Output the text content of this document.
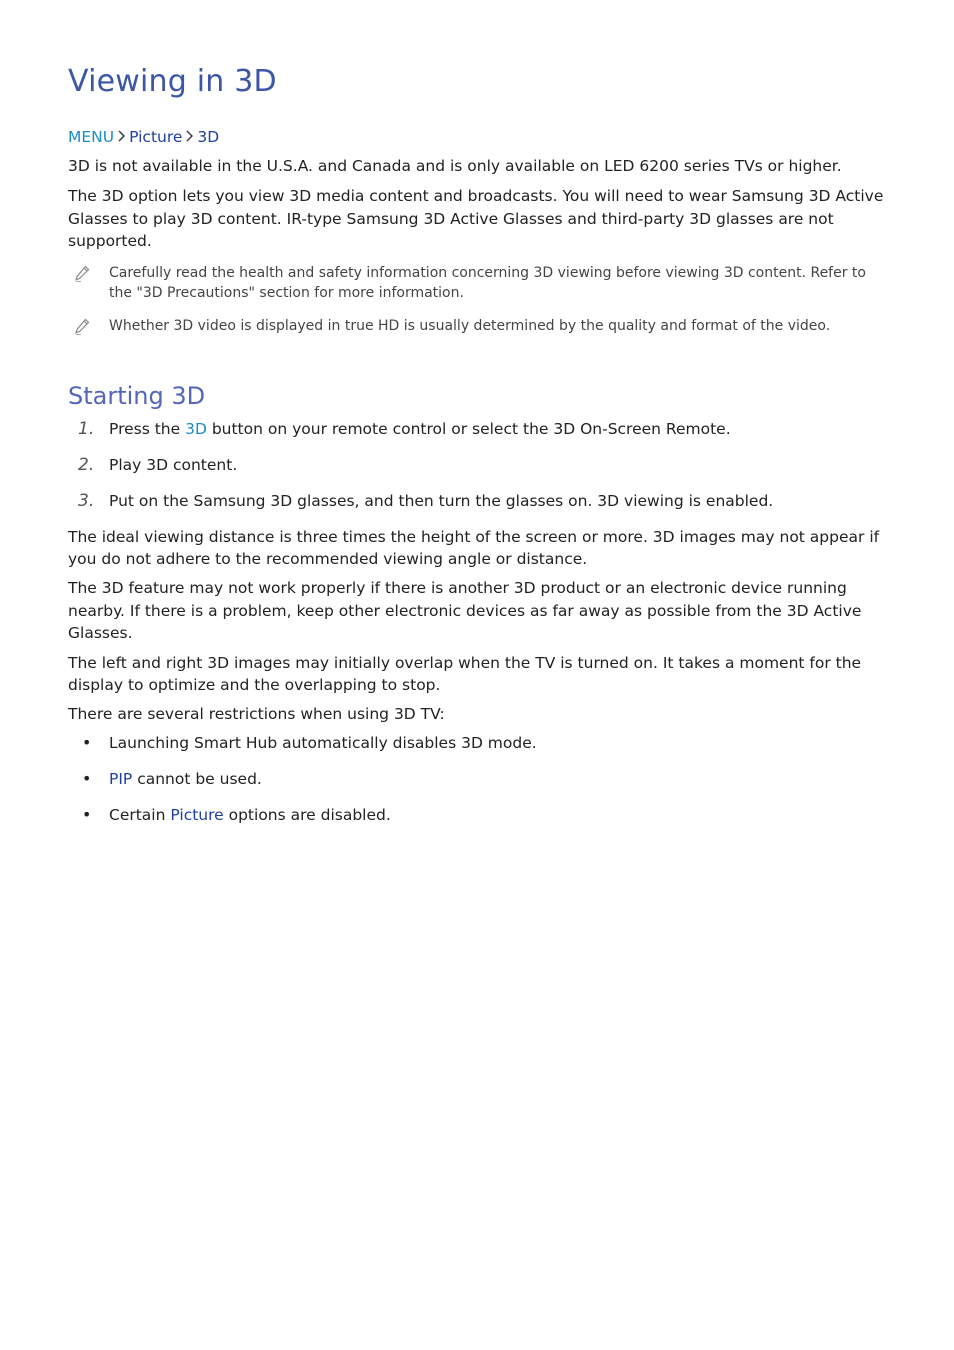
Viewing in 3D
MENU Picture 3D

3D is not available in the U.S.A. and Canada and is only available on LED 6200 series TVs or higher.

The 3D option lets you view 3D media content and broadcasts. You will need to wear Samsung 3D Active Glasses to play 3D content. IR-type Samsung 3D Active Glasses and third-party 3D glasses are not supported.

Carefully read the health and safety information concerning 3D viewing before viewing 3D content. Refer to the "3D Precautions" section for more information.
Whether 3D video is displayed in true HD is usually determined by the quality and format of the video.
Starting 3D
1. Press the 3D button on your remote control or select the 3D On-Screen Remote.
2. Play 3D content.
3. Put on the Samsung 3D glasses, and then turn the glasses on. 3D viewing is enabled.

The ideal viewing distance is three times the height of the screen or more. 3D images may not appear if you do not adhere to the recommended viewing angle or distance.

The 3D feature may not work properly if there is another 3D product or an electronic device running nearby. If there is a problem, keep other electronic devices as far away as possible from the 3D Active Glasses.

The left and right 3D images may initially overlap when the TV is turned on. It takes a moment for the display to optimize and the overlapping to stop.

There are several restrictions when using 3D TV:

•	Launching Smart Hub automatically disables 3D mode.
•	PIP cannot be used.
•	Certain Picture options are disabled.
